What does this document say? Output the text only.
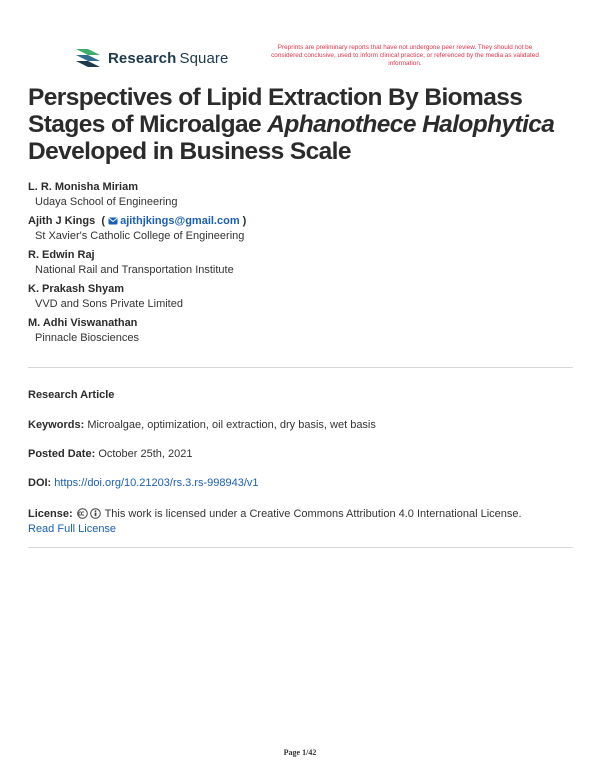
Research  Square
Preprints are preliminary reports that have not undergone peer review. They should not be considered conclusive, used to inform clinical practice, or referenced by the media as validated information.
Perspectives of Lipid Extraction By Biomass Stages of Microalgae Aphanothece Halophytica Developed in Business Scale
L. R. Monisha Miriam
Udaya School of Engineering
Ajith J Kings  ( ajithjkings@gmail.com )
St Xavier's Catholic College of Engineering
R. Edwin Raj
National Rail and Transportation Institute
K. Prakash Shyam
VVD and Sons Private Limited
M. Adhi Viswanathan
Pinnacle Biosciences
Research Article
Keywords: Microalgae, optimization, oil extraction, dry basis, wet basis
Posted Date: October 25th, 2021
DOI: https://doi.org/10.21203/rs.3.rs-998943/v1
License:	This work is licensed under a Creative Commons Attribution 4.0 International License.
Read Full License
Page 1/42
